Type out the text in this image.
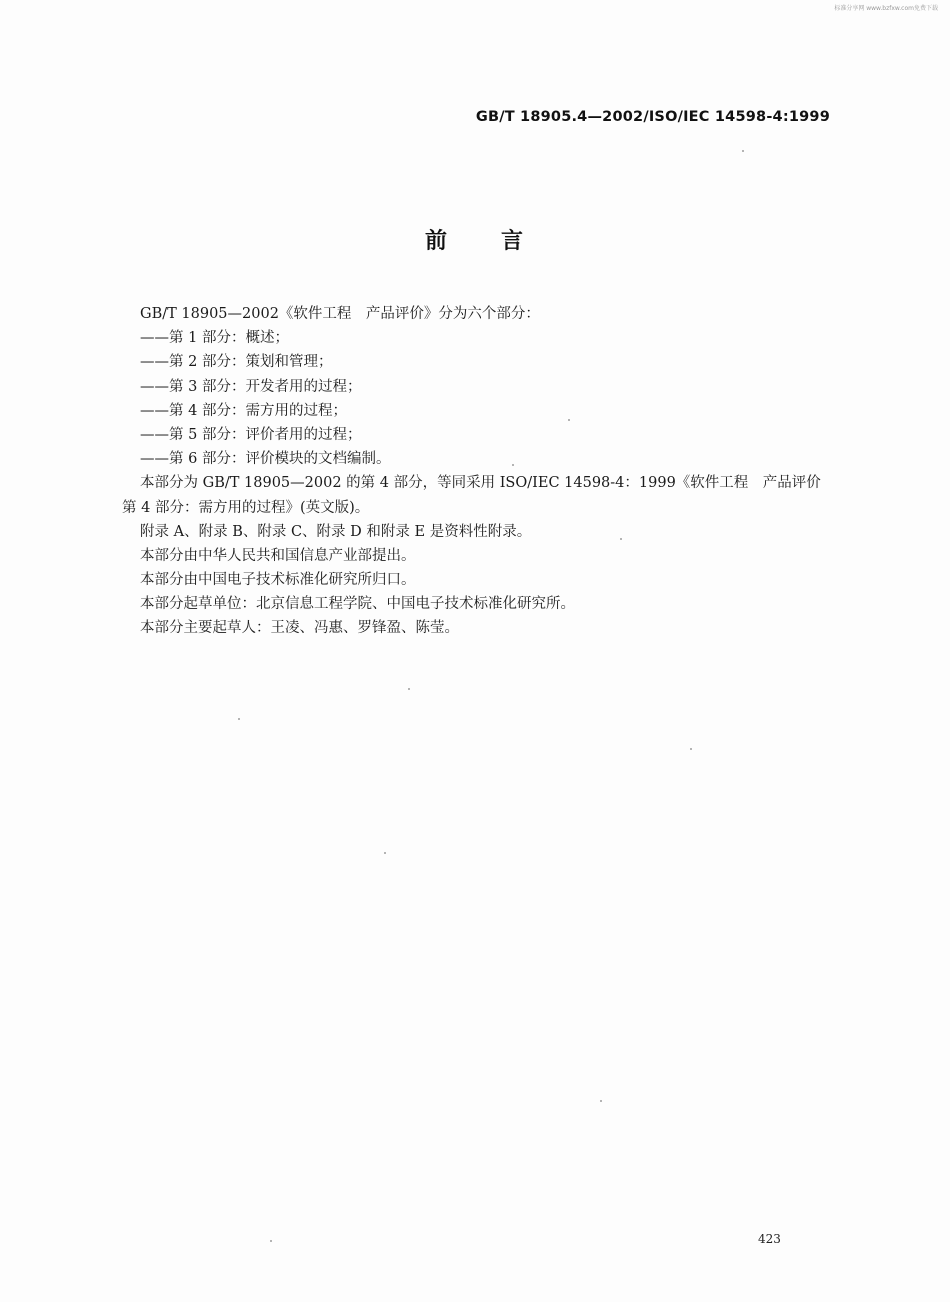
标准分享网 www.bzfxw.com免费下载
GB/T 18905.4—2002/ISO/IEC 14598-4:1999
前 言
GB/T 18905—2002《软件工程　产品评价》分为六个部分：
——第 1 部分：概述；
——第 2 部分：策划和管理；
——第 3 部分：开发者用的过程；
——第 4 部分：需方用的过程；
——第 5 部分：评价者用的过程；
——第 6 部分：评价模块的文档编制。
本部分为 GB/T 18905—2002 的第 4 部分，等同采用 ISO/IEC 14598-4：1999《软件工程　产品评价
第 4 部分：需方用的过程》(英文版)。
附录 A、附录 B、附录 C、附录 D 和附录 E 是资料性附录。
本部分由中华人民共和国信息产业部提出。
本部分由中国电子技术标准化研究所归口。
本部分起草单位：北京信息工程学院、中国电子技术标准化研究所。
本部分主要起草人：王凌、冯惠、罗锋盈、陈莹。
423
